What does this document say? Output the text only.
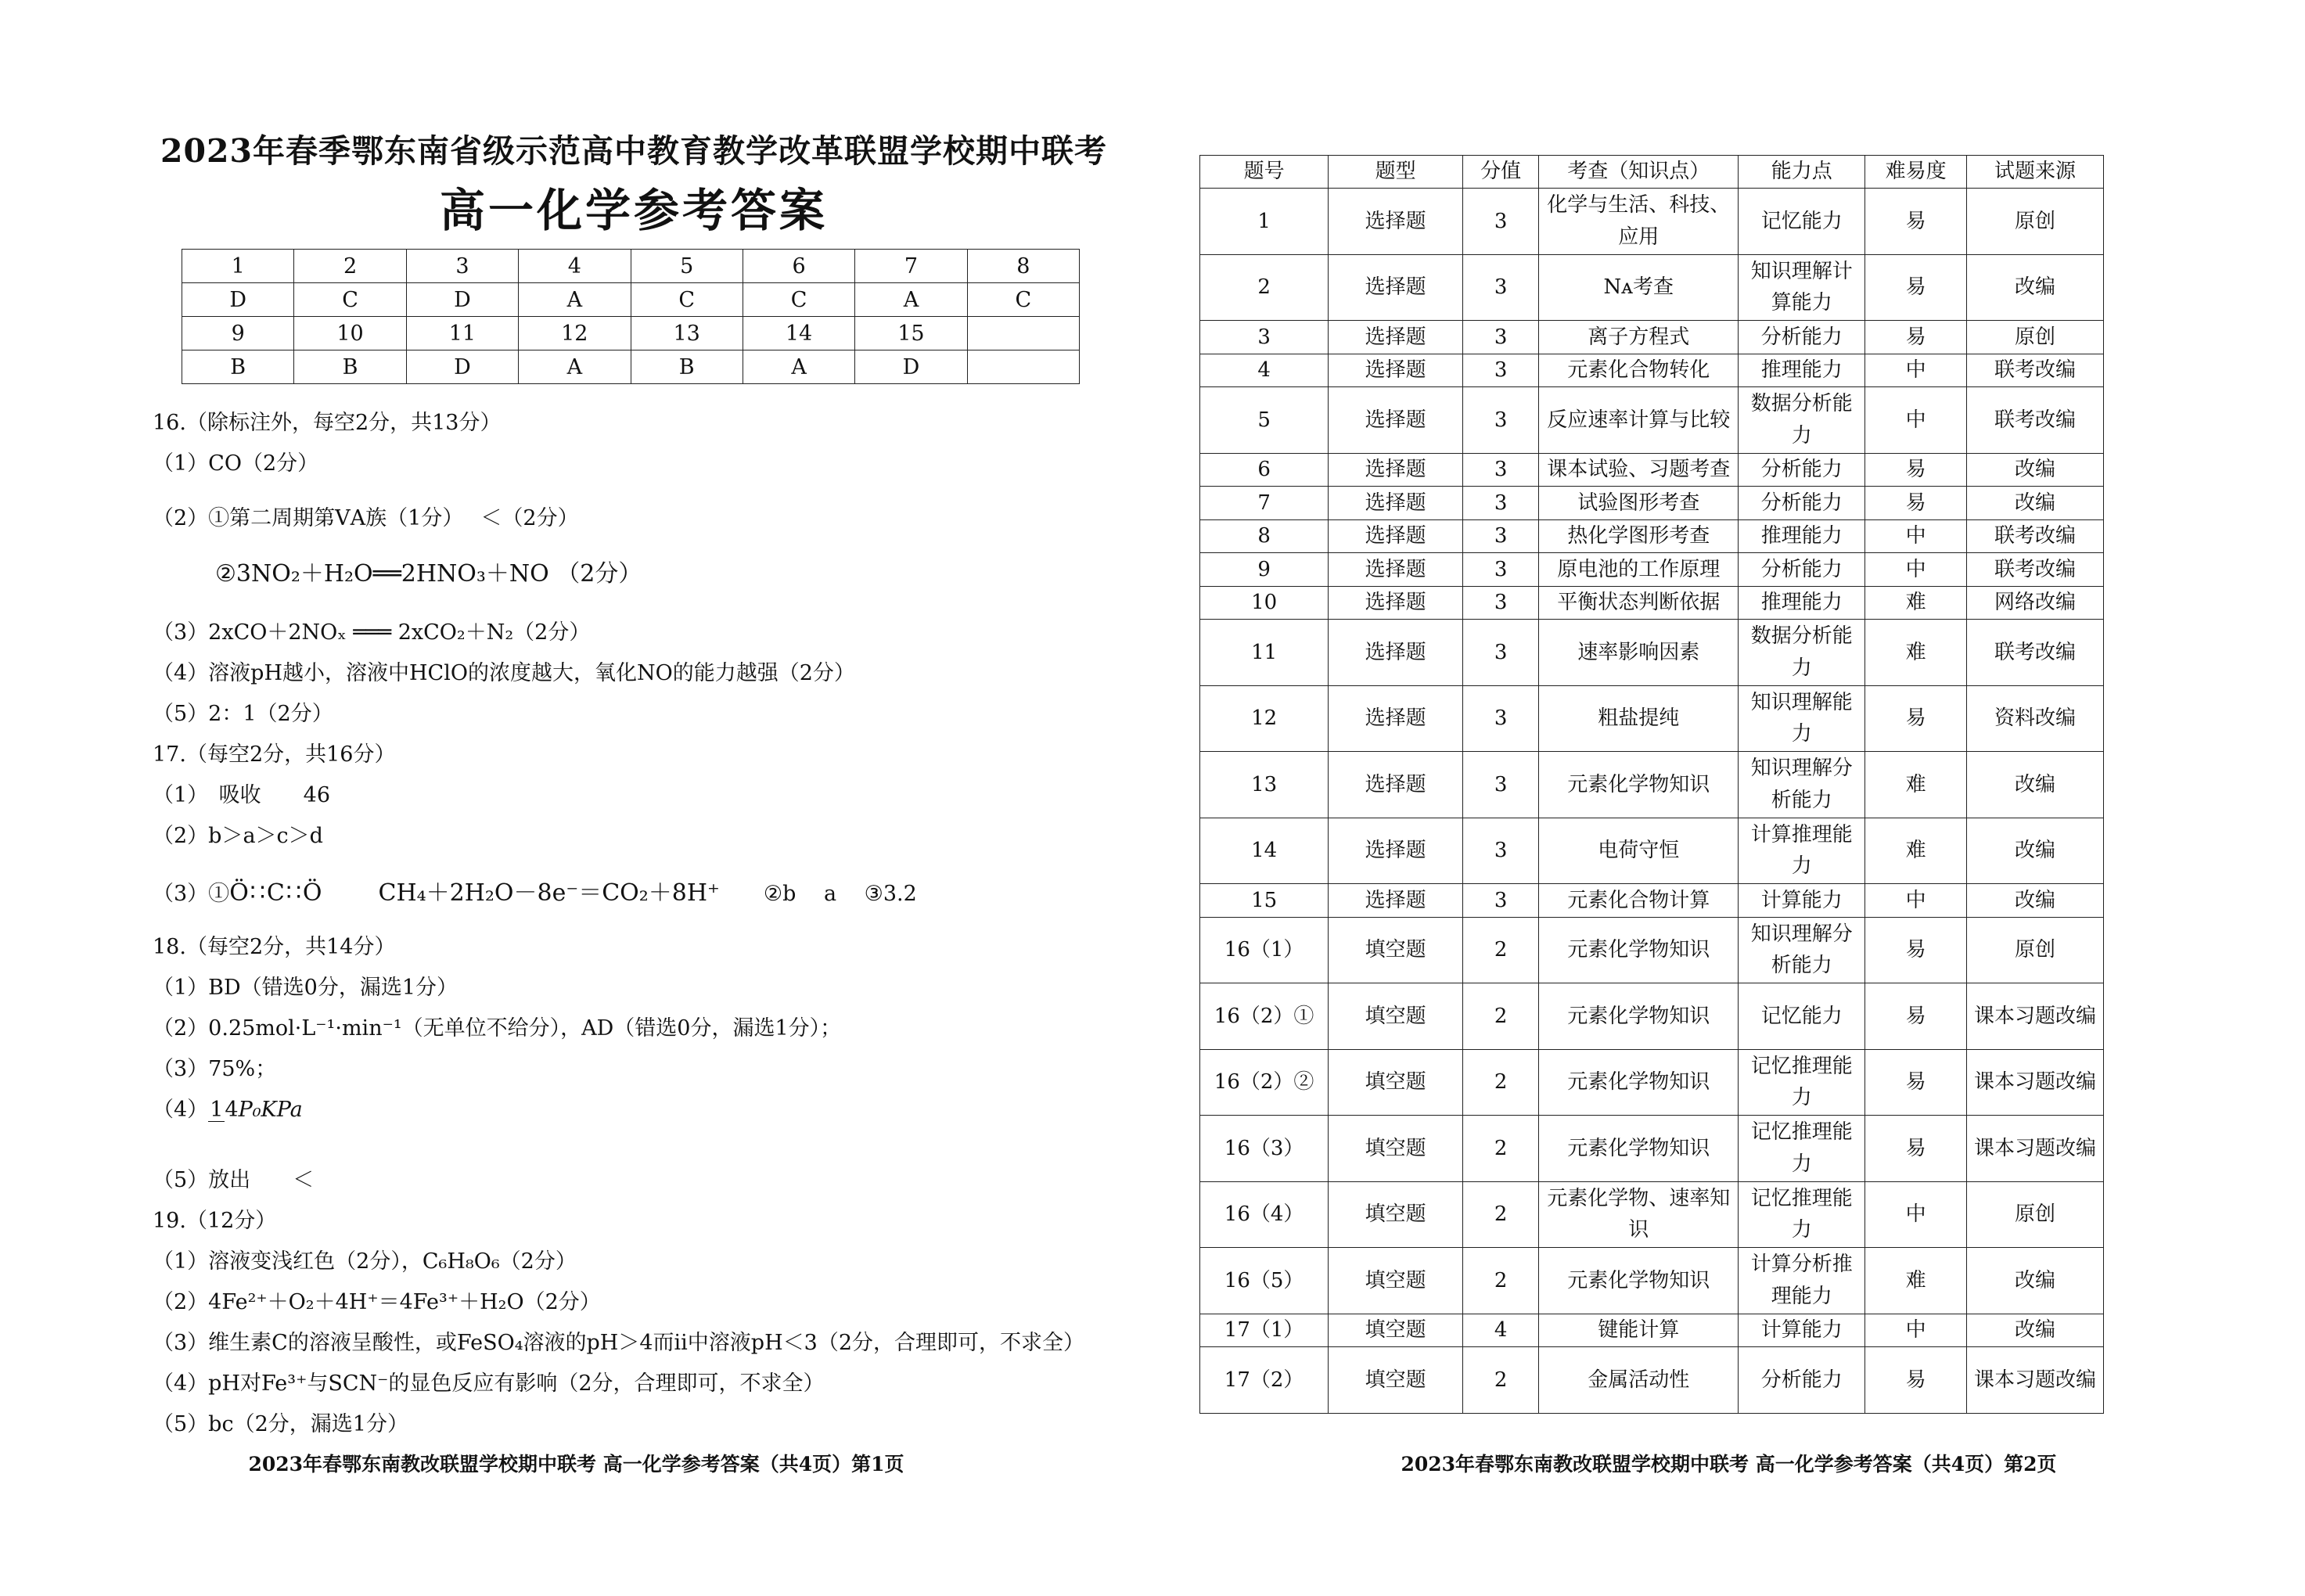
2023年春季鄂东南省级示范高中教育教学改革联盟学校期中联考
高一化学参考答案
1	2	3	4	5	6	7	8
D	C	D	A	C	C	A	C
9	10	11	12	13	14	15	
B	B	D	A	B	A	D	
16.（除标注外，每空2分，共13分）
（1）CO（2分）
（2）①第二周期第ⅤA族（1分）　 ＜（2分）
②3NO₂＋H₂O══2HNO₃＋NO （2分）
（3）2xCO＋2NOₓ ═══ 2xCO₂＋N₂（2分）
（4）溶液pH越小，溶液中HClO的浓度越大，氧化NO的能力越强（2分）
（5）2：1（2分）
17.（每空2分，共16分）
（1）　吸收　　46
（2）b＞a＞c＞d
（3）①Ö∷C∷Ö CH₄＋2H₂O－8e⁻＝CO₂＋8H⁺ ②b　 a　 ③3.2
18.（每空2分，共14分）
（1）BD（错选0分，漏选1分）
（2）0.25mol·L⁻¹·min⁻¹（无单位不给分），AD（错选0分，漏选1分）；
（3）75%；
（4）14P₀KPa
（5）放出　　＜
19.（12分）
（1）溶液变浅红色（2分），C₆H₈O₆（2分）
（2）4Fe²⁺＋O₂＋4H⁺＝4Fe³⁺＋H₂O（2分）
（3）维生素C的溶液呈酸性，或FeSO₄溶液的pH＞4而ii中溶液pH＜3（2分，合理即可，不求全）
（4）pH对Fe³⁺与SCN⁻的显色反应有影响（2分，合理即可，不求全）
（5）bc（2分，漏选1分）
2023年春鄂东南教改联盟学校期中联考 高一化学参考答案（共4页）第1页
题号	题型	分值	考查（知识点）	能力点	难易度	试题来源
1	选择题	3	化学与生活、科技、应用	记忆能力	易	原创
2	选择题	3	Nᴀ考查	知识理解计算能力	易	改编
3	选择题	3	离子方程式	分析能力	易	原创
4	选择题	3	元素化合物转化	推理能力	中	联考改编
5	选择题	3	反应速率计算与比较	数据分析能力	中	联考改编
6	选择题	3	课本试验、习题考查	分析能力	易	改编
7	选择题	3	试验图形考查	分析能力	易	改编
8	选择题	3	热化学图形考查	推理能力	中	联考改编
9	选择题	3	原电池的工作原理	分析能力	中	联考改编
10	选择题	3	平衡状态判断依据	推理能力	难	网络改编
11	选择题	3	速率影响因素	数据分析能力	难	联考改编
12	选择题	3	粗盐提纯	知识理解能力	易	资料改编
13	选择题	3	元素化学物知识	知识理解分析能力	难	改编
14	选择题	3	电荷守恒	计算推理能力	难	改编
15	选择题	3	元素化合物计算	计算能力	中	改编
16（1）	填空题	2	元素化学物知识	知识理解分析能力	易	原创
16（2）①	填空题	2	元素化学物知识	记忆能力	易	课本习题改编
16（2）②	填空题	2	元素化学物知识	记忆推理能力	易	课本习题改编
16（3）	填空题	2	元素化学物知识	记忆推理能力	易	课本习题改编
16（4）	填空题	2	元素化学物、速率知识	记忆推理能力	中	原创
16（5）	填空题	2	元素化学物知识	计算分析推理能力	难	改编
17（1）	填空题	4	键能计算	计算能力	中	改编
17（2）	填空题	2	金属活动性	分析能力	易	课本习题改编
2023年春鄂东南教改联盟学校期中联考 高一化学参考答案（共4页）第2页
